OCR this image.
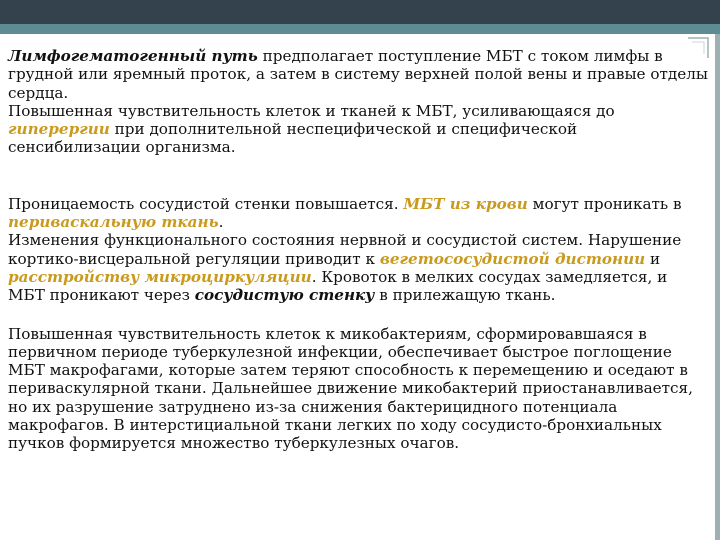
Лимфогематогенный путь предполагает поступление МБТ с током лимфы в грудной или яремный проток, а затем в систему верхней полой вены и правые отделы сердца.
Повышенная чувствительность клеток и тканей к МБТ, усиливающаяся до гиперергии при дополнительной неспецифической и специфической сенсибилизации организма.

Проницаемость сосудистой стенки повышается. МБТ из крови могут проникать в периваскальную ткань.
Изменения функционального состояния нервной и сосудистой систем. Нарушение кортико-висцеральной регуляции приводит к вегетососудистой дистонии и расстройству микроциркуляции. Кровоток в мелких сосудах замедляется, и МБТ проникают через сосудистую стенку в прилежащую ткань.

Повышенная чувствительность клеток к микобактериям, сформировавшаяся в первичном периоде туберкулезной инфекции, обеспечивает быстрое поглощение МБТ макрофагами, которые затем теряют способность к перемещению и оседают в периваскулярной ткани. Дальнейшее движение микобактерий приостанавливается, но их разрушение затруднено из-за снижения бактерицидного потенциала макрофагов. В интерстициальной ткани легких по ходу сосудисто-бронхиальных пучков формируется множество туберкулезных очагов.
